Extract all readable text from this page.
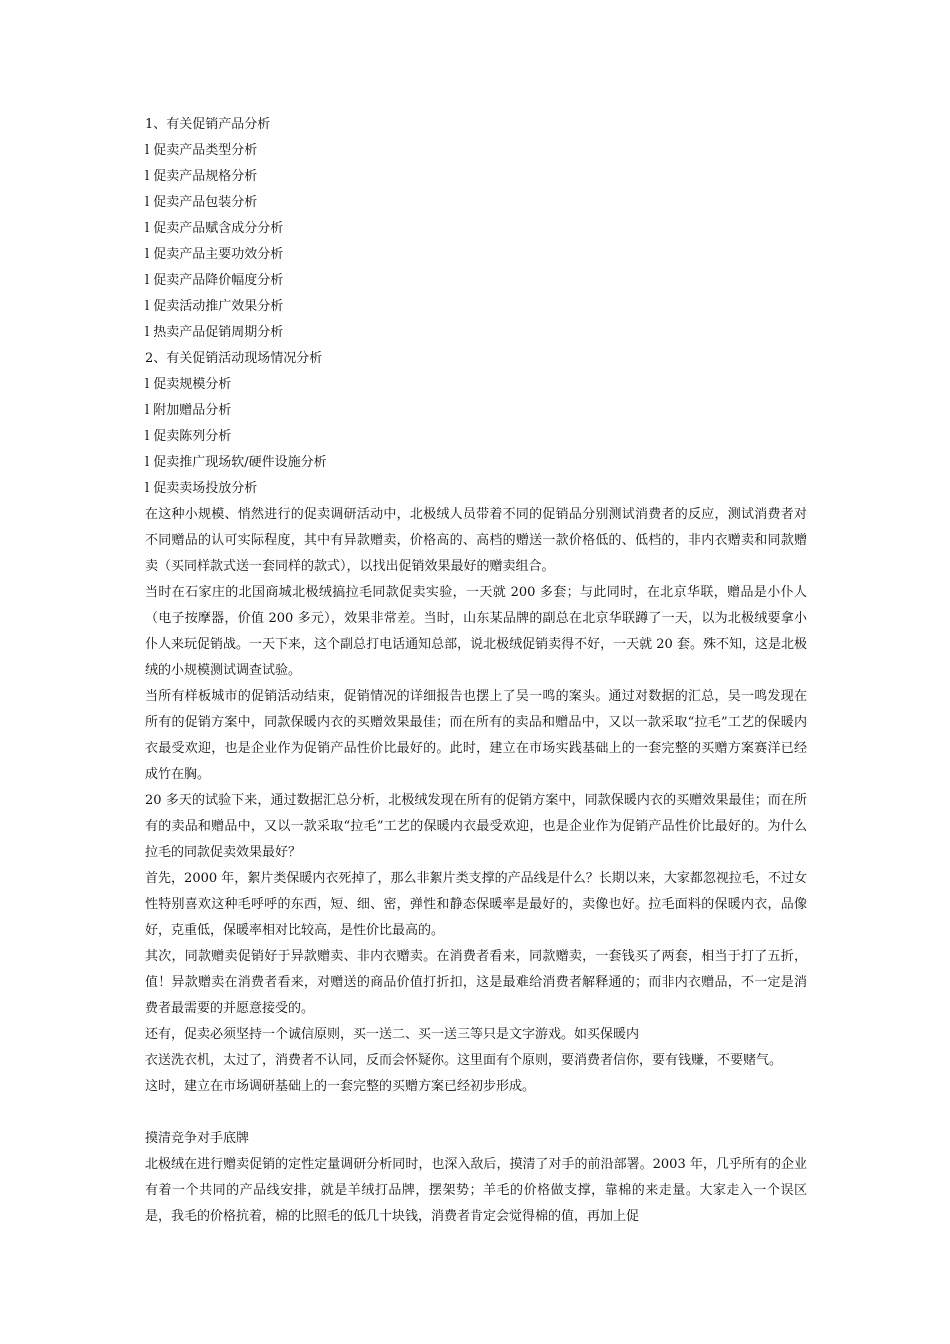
1、有关促销产品分析
l 促卖产品类型分析
l 促卖产品规格分析
l 促卖产品包装分析
l 促卖产品赋含成分分析
l 促卖产品主要功效分析
l 促卖产品降价幅度分析
l 促卖活动推广效果分析
l 热卖产品促销周期分析
2、有关促销活动现场情况分析
l 促卖规模分析
l 附加赠品分析
l 促卖陈列分析
l 促卖推广现场软/硬件设施分析
l 促卖卖场投放分析
在这种小规模、悄然进行的促卖调研活动中，北极绒人员带着不同的促销品分别测试消费者的反应，测试消费者对不同赠品的认可实际程度，其中有异款赠卖，价格高的、高档的赠送一款价格低的、低档的，非内衣赠卖和同款赠卖（买同样款式送一套同样的款式），以找出促销效果最好的赠卖组合。
当时在石家庄的北国商城北极绒搞拉毛同款促卖实验，一天就 200 多套；与此同时，在北京华联，赠品是小仆人（电子按摩器，价值 200 多元），效果非常差。当时，山东某品牌的副总在北京华联蹲了一天，以为北极绒要拿小仆人来玩促销战。一天下来，这个副总打电话通知总部，说北极绒促销卖得不好，一天就 20 套。殊不知，这是北极绒的小规模测试调查试验。
当所有样板城市的促销活动结束，促销情况的详细报告也摆上了吴一鸣的案头。通过对数据的汇总，吴一鸣发现在所有的促销方案中，同款保暖内衣的买赠效果最佳；而在所有的卖品和赠品中，又以一款采取“拉毛”工艺的保暖内衣最受欢迎，也是企业作为促销产品性价比最好的。此时，建立在市场实践基础上的一套完整的买赠方案赛洋已经成竹在胸。
20 多天的试验下来，通过数据汇总分析，北极绒发现在所有的促销方案中，同款保暖内衣的买赠效果最佳；而在所有的卖品和赠品中，又以一款采取“拉毛”工艺的保暖内衣最受欢迎，也是企业作为促销产品性价比最好的。为什么拉毛的同款促卖效果最好？
首先，2000 年，絮片类保暖内衣死掉了，那么非絮片类支撑的产品线是什么？长期以来，大家都忽视拉毛，不过女性特别喜欢这种毛呼呼的东西，短、细、密，弹性和静态保暖率是最好的，卖像也好。拉毛面料的保暖内衣，品像好，克重低，保暖率相对比较高，是性价比最高的。
其次，同款赠卖促销好于异款赠卖、非内衣赠卖。在消费者看来，同款赠卖，一套钱买了两套，相当于打了五折，值！异款赠卖在消费者看来，对赠送的商品价值打折扣，这是最难给消费者解释通的；而非内衣赠品，不一定是消费者最需要的并愿意接受的。
还有，促卖必须坚持一个诚信原则，买一送二、买一送三等只是文字游戏。如买保暖内
衣送洗衣机，太过了，消费者不认同，反而会怀疑你。这里面有个原则，要消费者信你，要有钱赚，不要赌气。
这时，建立在市场调研基础上的一套完整的买赠方案已经初步形成。
摸清竞争对手底牌
北极绒在进行赠卖促销的定性定量调研分析同时，也深入敌后，摸清了对手的前沿部署。2003 年，几乎所有的企业有着一个共同的产品线安排，就是羊绒打品牌，摆架势；羊毛的价格做支撑，靠棉的来走量。大家走入一个误区是，我毛的价格抗着，棉的比照毛的低几十块钱，消费者肯定会觉得棉的值，再加上促
